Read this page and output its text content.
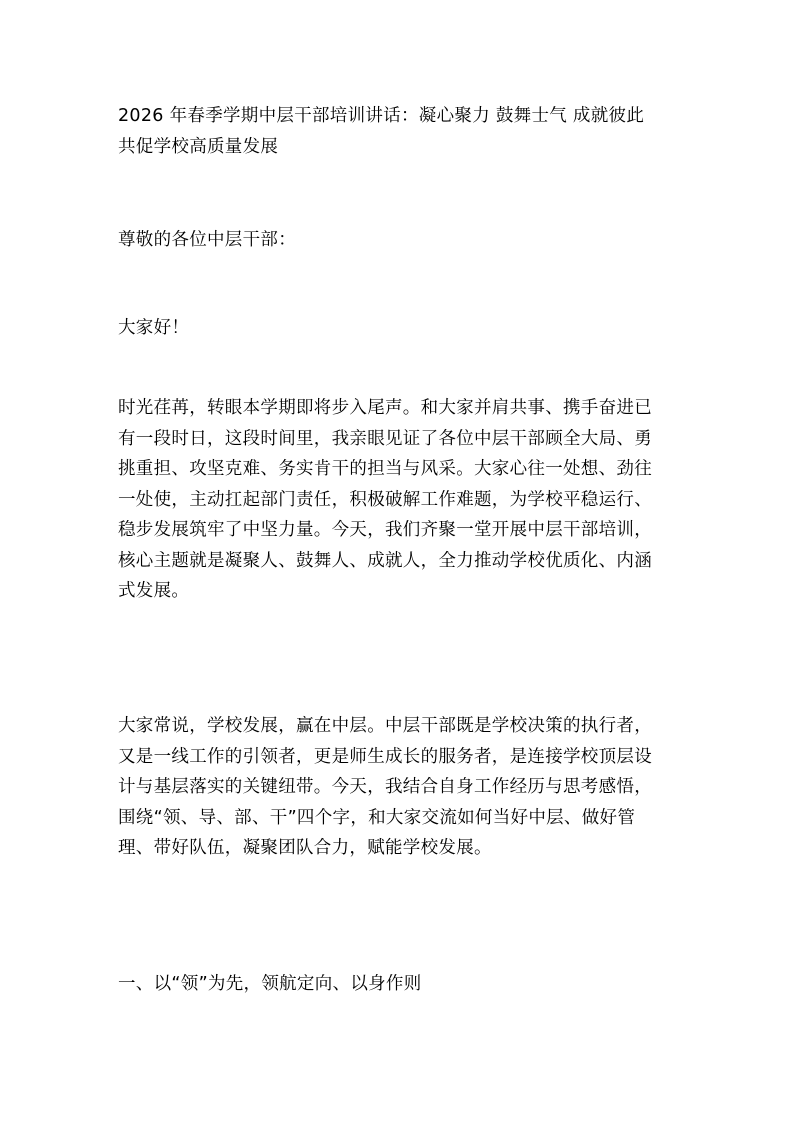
2026 年春季学期中层干部培训讲话：凝心聚力 鼓舞士气 成就彼此
共促学校高质量发展
尊敬的各位中层干部：
大家好！
时光荏苒，转眼本学期即将步入尾声。和大家并肩共事、携手奋进已
有一段时日，这段时间里，我亲眼见证了各位中层干部顾全大局、勇
挑重担、攻坚克难、务实肯干的担当与风采。大家心往一处想、劲往
一处使，主动扛起部门责任，积极破解工作难题，为学校平稳运行、
稳步发展筑牢了中坚力量。今天，我们齐聚一堂开展中层干部培训，
核心主题就是凝聚人、鼓舞人、成就人，全力推动学校优质化、内涵
式发展。
大家常说，学校发展，赢在中层。中层干部既是学校决策的执行者，
又是一线工作的引领者，更是师生成长的服务者，是连接学校顶层设
计与基层落实的关键纽带。今天，我结合自身工作经历与思考感悟，
围绕“领、导、部、干”四个字，和大家交流如何当好中层、做好管
理、带好队伍，凝聚团队合力，赋能学校发展。
一、以“领”为先，领航定向、以身作则
